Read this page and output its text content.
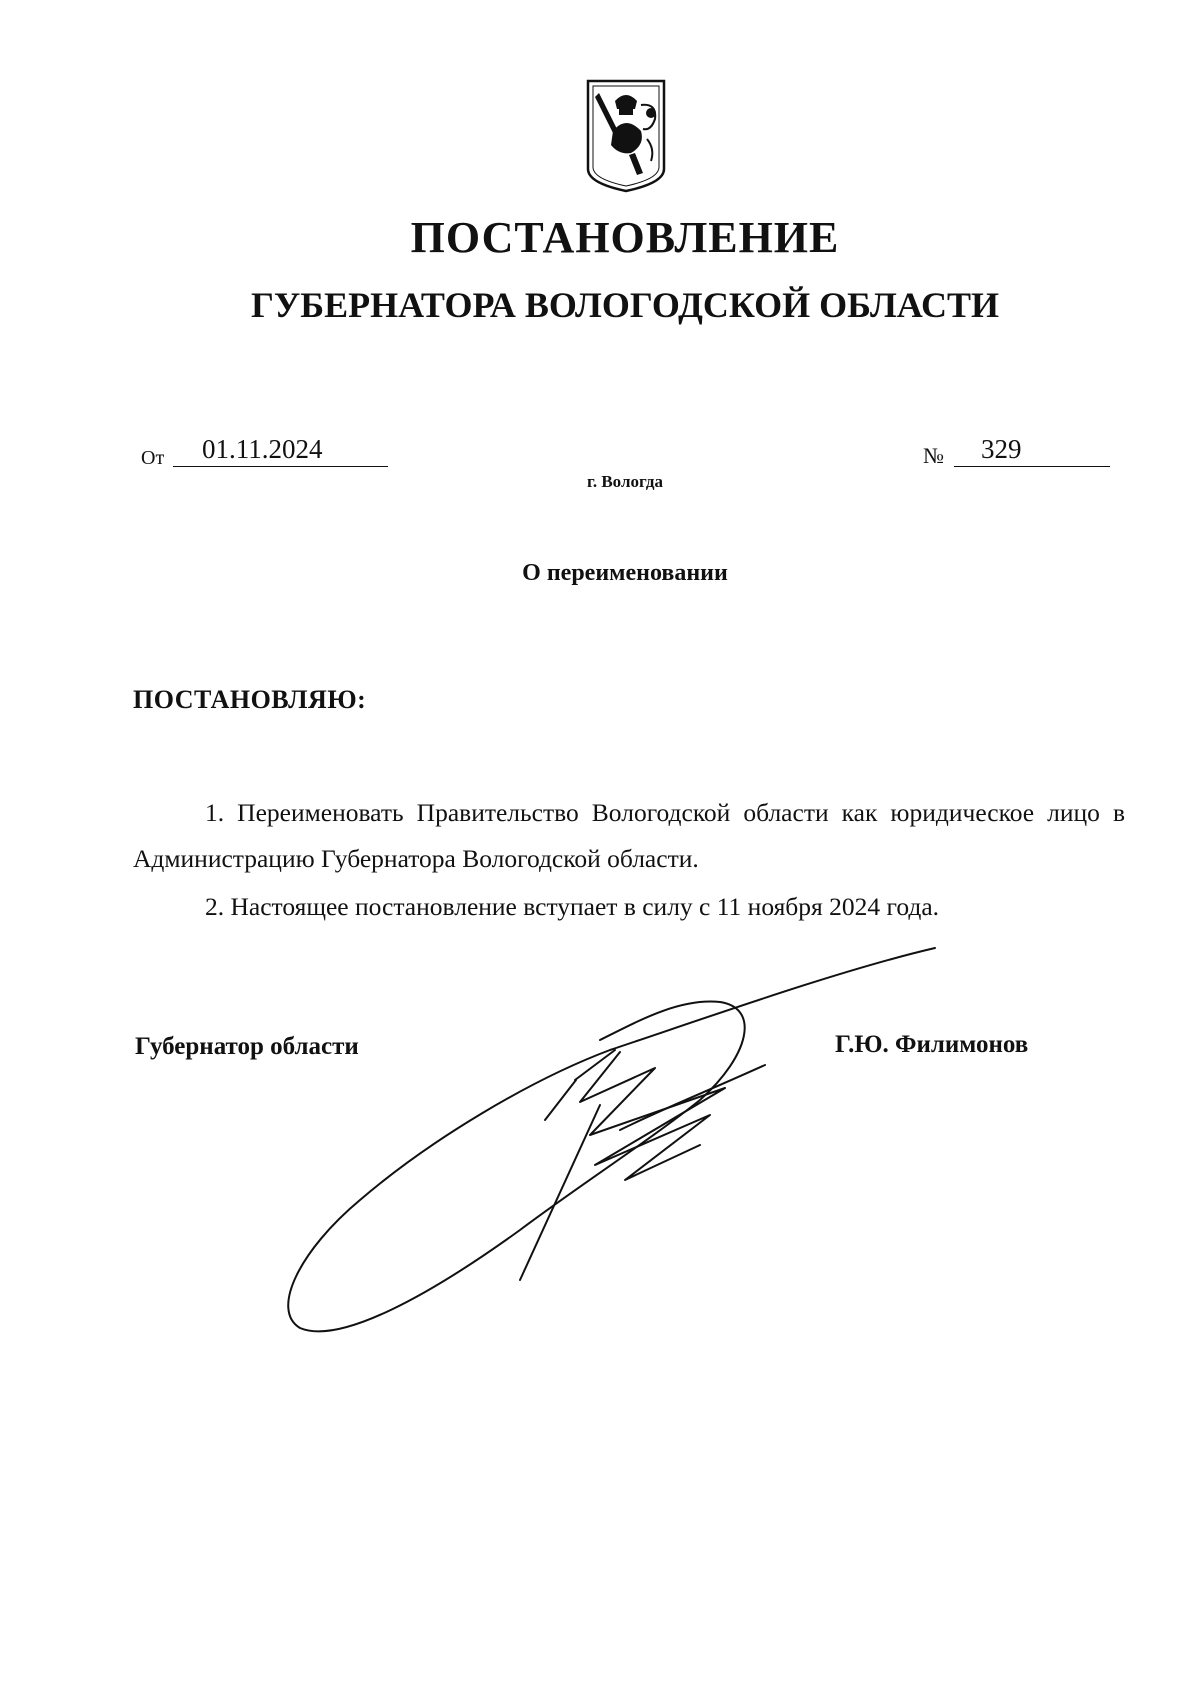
ПОСТАНОВЛЕНИЕ
ГУБЕРНАТОРА ВОЛОГОДСКОЙ ОБЛАСТИ
От 01.11.2024	№ 329
г. Вологда
О переименовании
ПОСТАНОВЛЯЮ:
1. Переименовать Правительство Вологодской области как юридическое лицо в Администрацию Губернатора Вологодской области.
2. Настоящее постановление вступает в силу с 11 ноября 2024 года.
Губернатор области	Г.Ю. Филимонов
